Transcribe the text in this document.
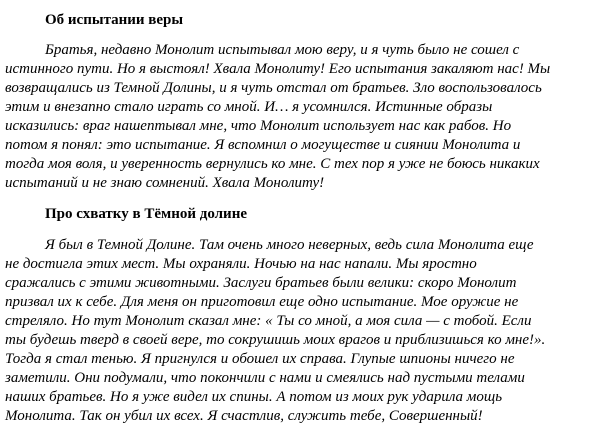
Об испытании веры
Братья, недавно Монолит испытывал мою веру, и я чуть было не сошел с
истинного пути. Но я выстоял! Хвала Монолиту! Его испытания закаляют нас! Мы
возвращались из Темной Долины, и я чуть отстал от братьев. Зло воспользовалось
этим и внезапно стало играть со мной. И… я усомнился. Истинные образы
исказились: враг нашептывал мне, что Монолит использует нас как рабов. Но
потом я понял: это испытание. Я вспомнил о могуществе и сиянии Монолита и
тогда моя воля, и уверенность вернулись ко мне. С тех пор я уже не боюсь никаких
испытаний и не знаю сомнений. Хвала Монолиту!
Про схватку в Тёмной долине
Я был в Темной Долине. Там очень много неверных, ведь сила Монолита еще
не достигла этих мест. Мы охраняли. Ночью на нас напали. Мы яростно
сражались с этими животными. Заслуги братьев были велики: скоро Монолит
призвал их к себе. Для меня он приготовил еще одно испытание. Мое оружие не
стреляло. Но тут Монолит сказал мне: « Ты со мной, а моя сила — с тобой. Если
ты будешь тверд в своей вере, то сокрушишь моих врагов и приблизишься ко мне!».
Тогда я стал тенью. Я пригнулся и обошел их справа. Глупые шпионы ничего не
заметили. Они подумали, что покончили с нами и смеялись над пустыми телами
наших братьев. Но я уже видел их спины. А потом из моих рук ударила мощь
Монолита. Так он убил их всех. Я счастлив, служить тебе, Совершенный!
